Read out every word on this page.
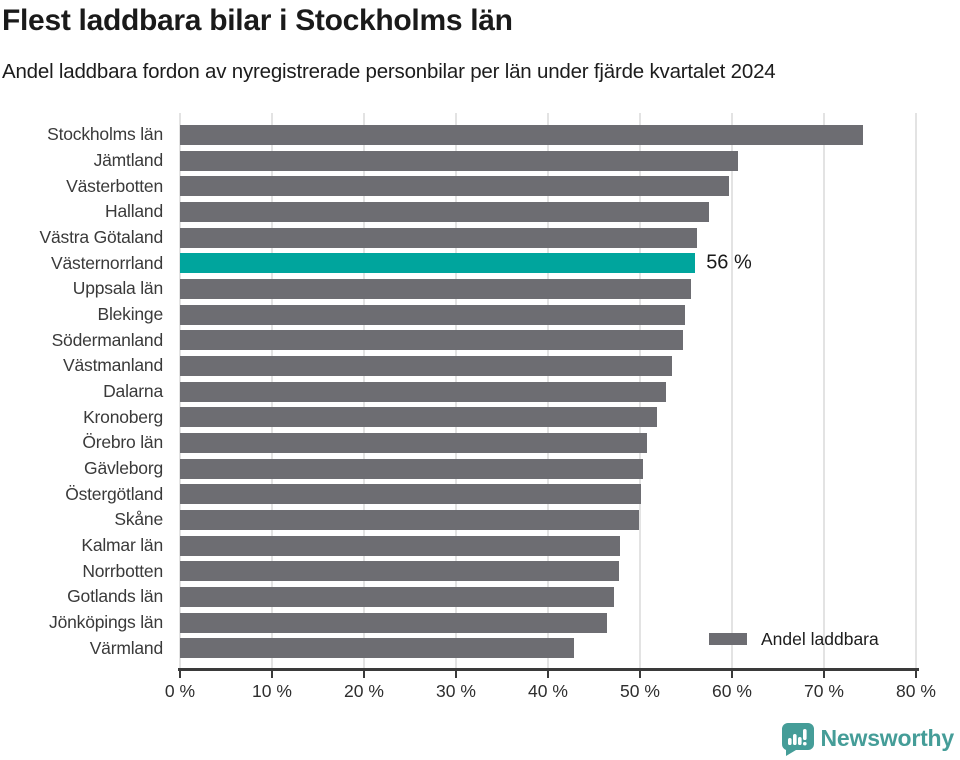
Flest laddbara bilar i Stockholms län

Andel laddbara fordon av nyregistrerade personbilar per län under fjärde kvartalet 2024

Stockholms län
Jämtland
Västerbotten
Halland
Västra Götaland
Västernorrland	56 %
Uppsala län
Blekinge
Södermanland
Västmanland
Dalarna
Kronoberg
Örebro län
Gävleborg
Östergötland
Skåne
Kalmar län
Norrbotten
Gotlands län
Jönköpings län
Värmland
0 %	10 %	20 %	30 %	40 %	50 %	60 %	70 %	80 %
Andel laddbara
Newsworthy
